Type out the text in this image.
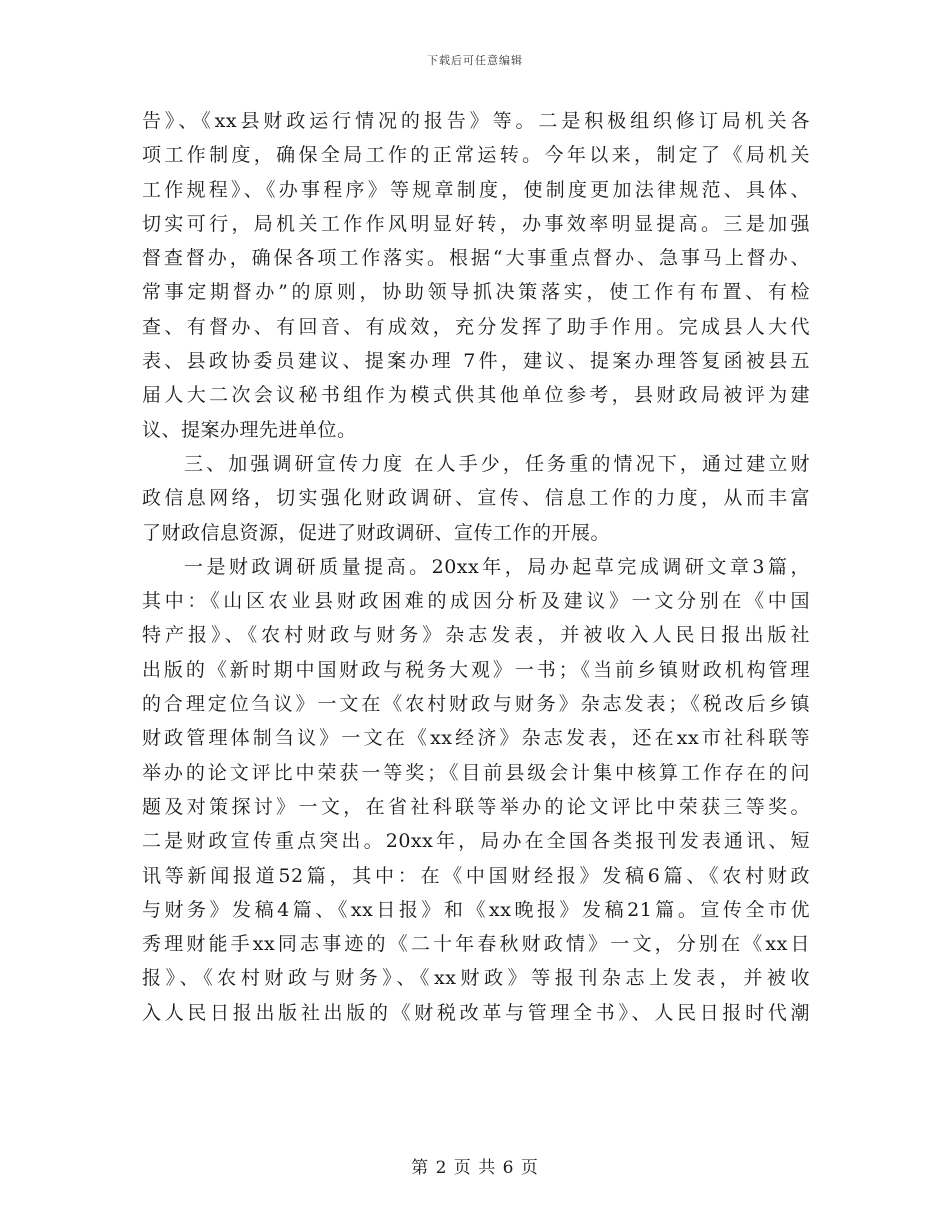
下载后可任意编辑
告》、《xx县财政运行情况的报告》等。二是积极组织修订局机关各
项工作制度，确保全局工作的正常运转。今年以来，制定了《局机关
工作规程》、《办事程序》等规章制度，使制度更加法律规范、具体、
切实可行，局机关工作作风明显好转，办事效率明显提高。三是加强
督查督办，确保各项工作落实。根据“大事重点督办、急事马上督办、
常事定期督办”的原则，协助领导抓决策落实，使工作有布置、有检
查、有督办、有回音、有成效，充分发挥了助手作用。完成县人大代
表、县政协委员建议、提案办理 7件，建议、提案办理答复函被县五
届人大二次会议秘书组作为模式供其他单位参考，县财政局被评为建
议、提案办理先进单位。
三、加强调研宣传力度 在人手少，任务重的情况下，通过建立财
政信息网络，切实强化财政调研、宣传、信息工作的力度，从而丰富
了财政信息资源，促进了财政调研、宣传工作的开展。
一是财政调研质量提高。20xx年，局办起草完成调研文章3篇，
其中：《山区农业县财政困难的成因分析及建议》一文分别在《中国
特产报》、《农村财政与财务》杂志发表，并被收入人民日报出版社
出版的《新时期中国财政与税务大观》一书；《当前乡镇财政机构管理
的合理定位刍议》一文在《农村财政与财务》杂志发表；《税改后乡镇
财政管理体制刍议》一文在《xx经济》杂志发表，还在xx市社科联等
举办的论文评比中荣获一等奖；《目前县级会计集中核算工作存在的问
题及对策探讨》一文，在省社科联等举办的论文评比中荣获三等奖。
二是财政宣传重点突出。20xx年，局办在全国各类报刊发表通讯、短
讯等新闻报道52篇，其中：在《中国财经报》发稿6篇、《农村财政
与财务》发稿4篇、《xx日报》和《xx晚报》发稿21篇。宣传全市优
秀理财能手xx同志事迹的《二十年春秋财政情》一文，分别在《xx日
报》、《农村财政与财务》、《xx财政》等报刊杂志上发表，并被收
入人民日报出版社出版的《财税改革与管理全书》、人民日报时代潮
第 2 页 共 6 页
